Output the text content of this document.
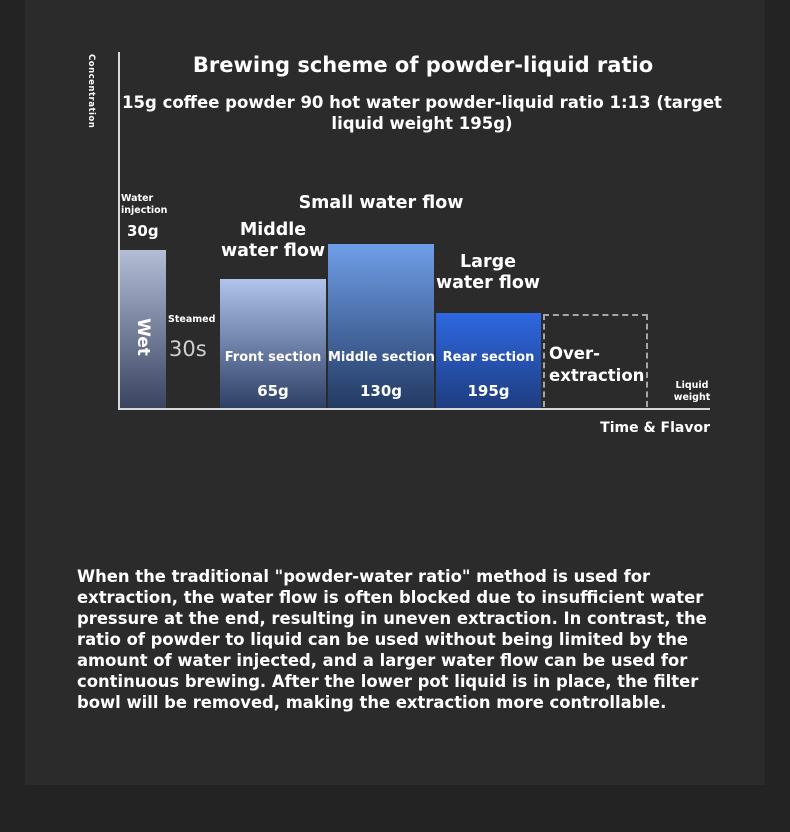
Brewing scheme of powder-liquid ratio
15g coffee powder 90 hot water powder-liquid ratio 1:13 (target liquid weight 195g)
Concentration
Time & Flavor
Water injection
30g
Wet Steamed
30s
Middle water flow
Small water flow
Large water flow
Front section Middle section Rear section Over-extraction
65g	130g	195g	Liquid weight
When the traditional "powder-water ratio" method is used for extraction, the water flow is often blocked due to insufficient water pressure at the end, resulting in uneven extraction. In contrast, the ratio of powder to liquid can be used without being limited by the amount of water injected, and a larger water flow can be used for continuous brewing. After the lower pot liquid is in place, the filter bowl will be removed, making the extraction more controllable.
